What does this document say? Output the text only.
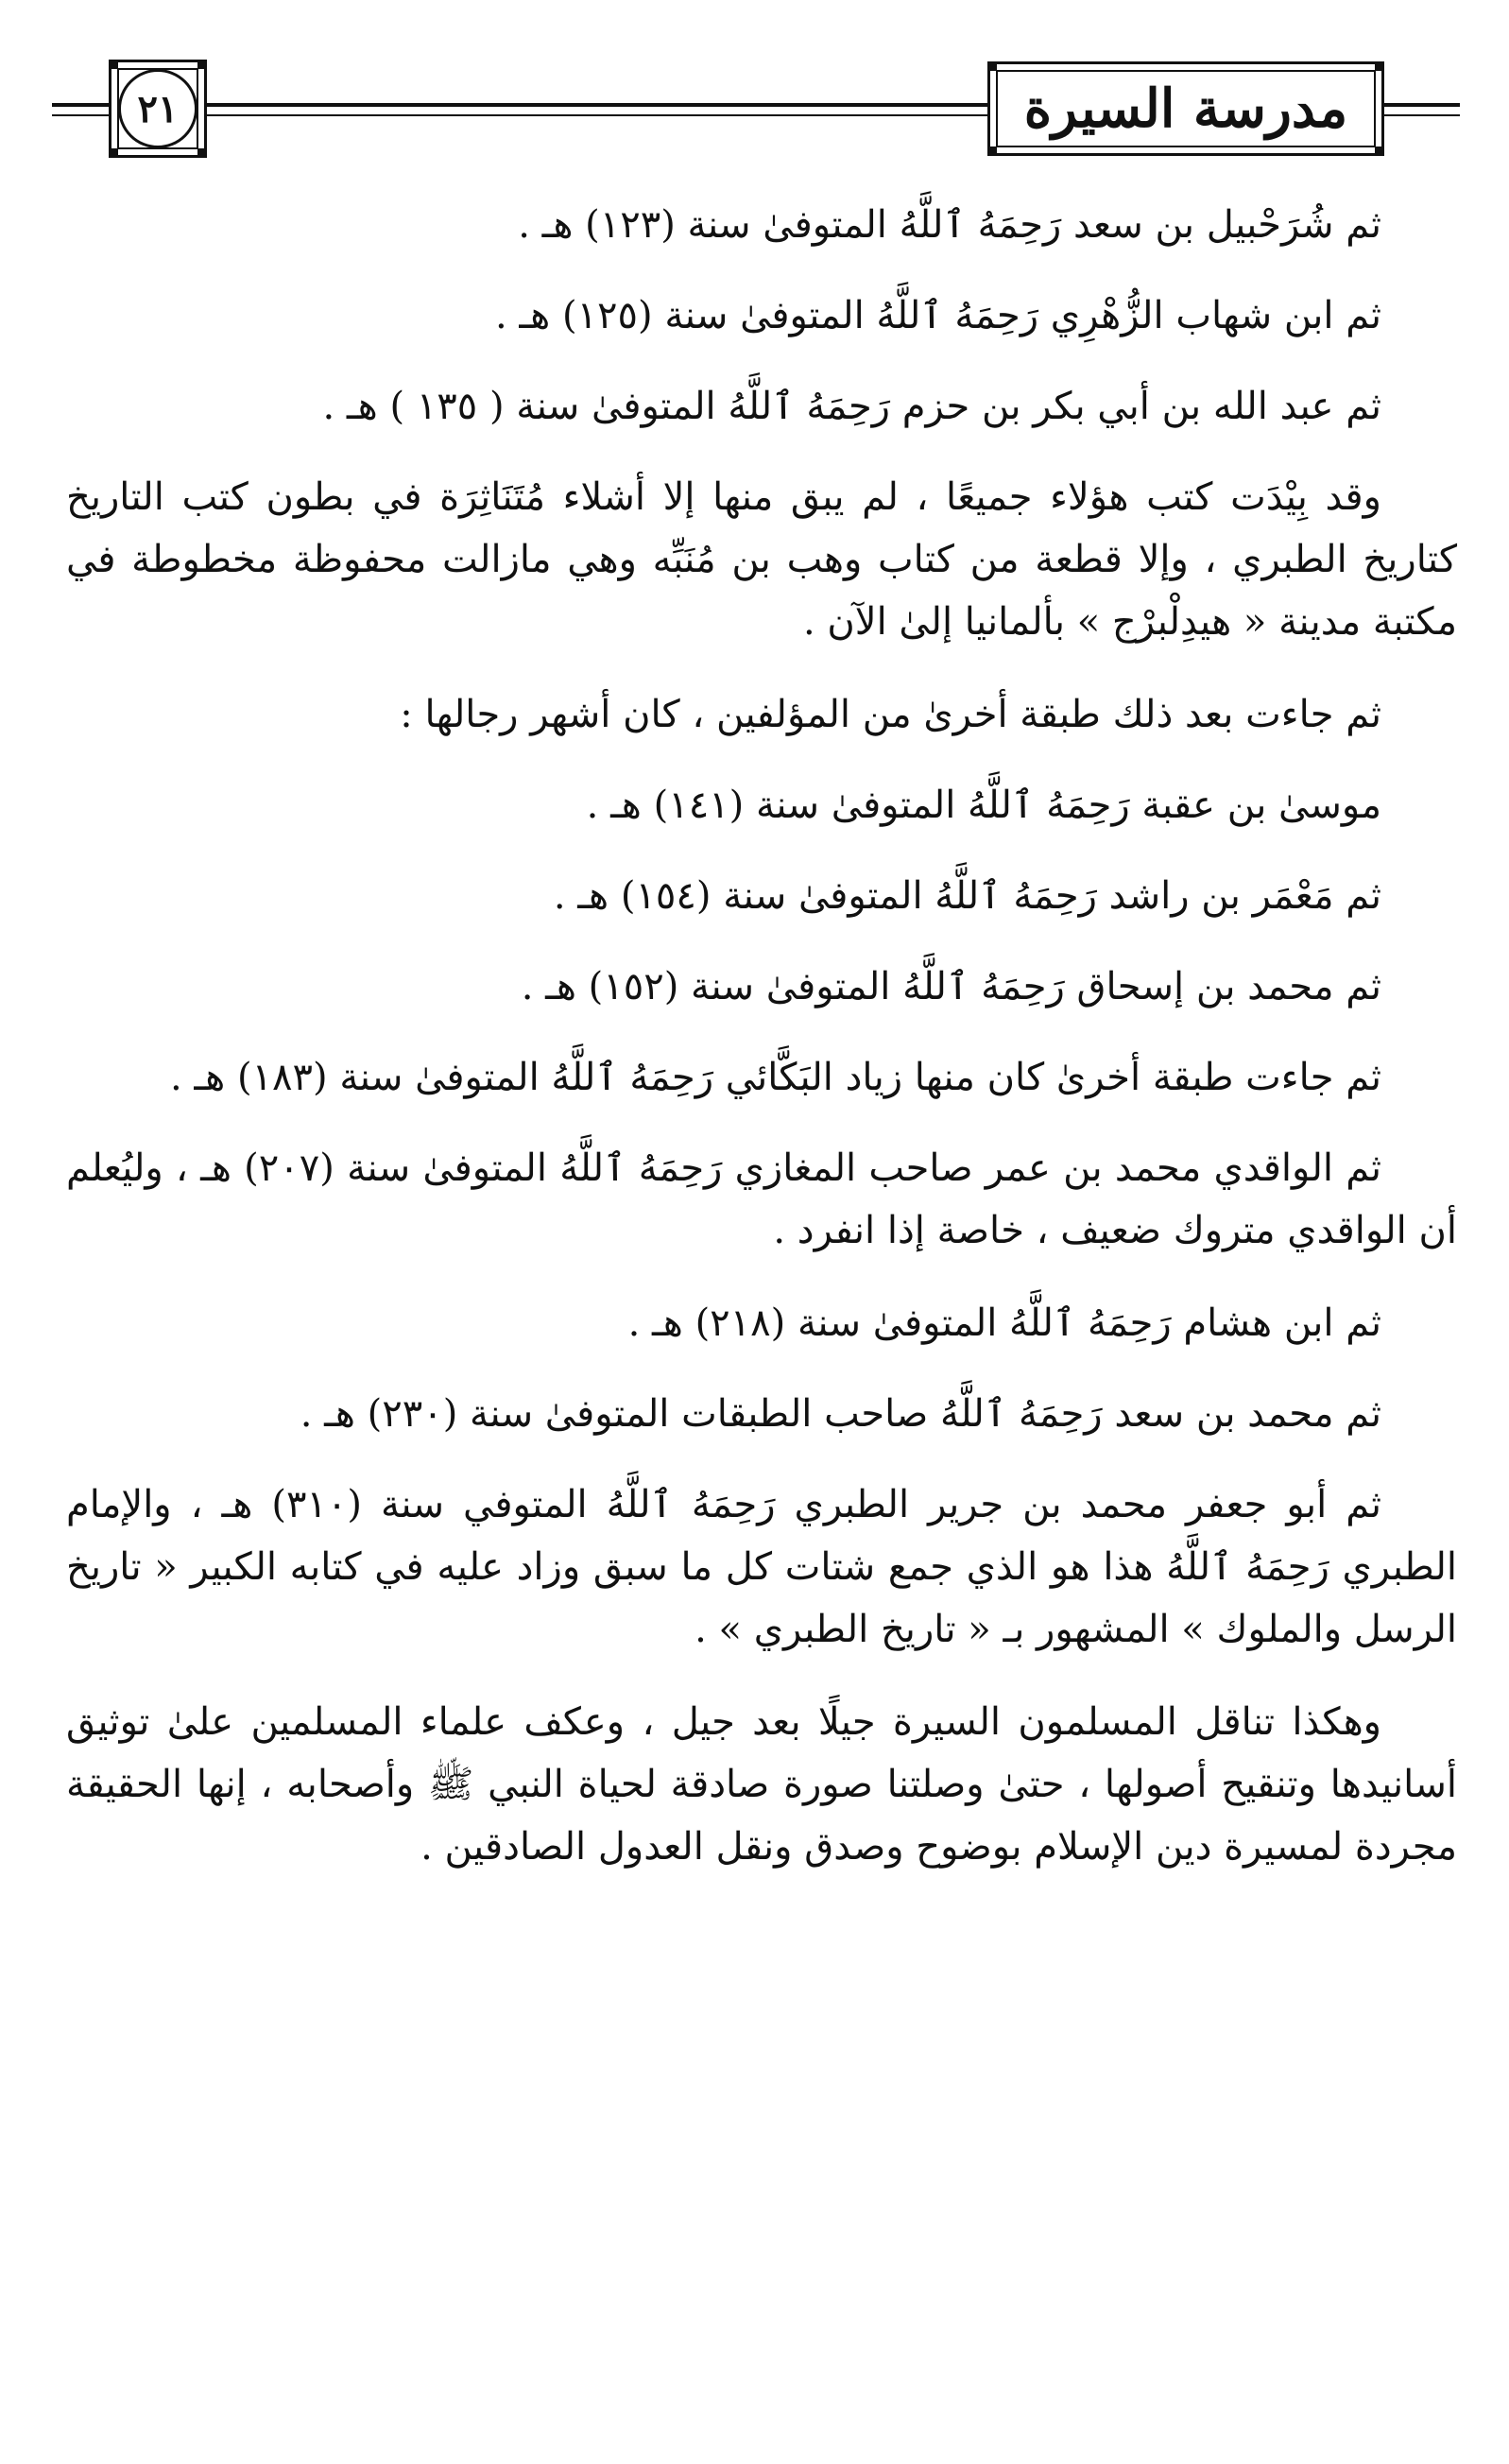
٢١	مدرسة السيرة

ثم شُرَحْبيل بن سعد رَحِمَهُ ٱللَّهُ المتوفىٰ سنة (١٢٣) هـ .

ثم ابن شهاب الزُّهْرِي رَحِمَهُ ٱللَّهُ المتوفىٰ سنة (١٢٥) هـ .

ثم عبد الله بن أبي بكر بن حزم رَحِمَهُ ٱللَّهُ المتوفىٰ سنة ( ١٣٥ ) هـ .

وقد بِيْدَت كتب هؤلاء جميعًا ، لم يبق منها إلا أشلاء مُتَنَاثِرَة في بطون كتب التاريخ كتاريخ الطبري ، وإلا قطعة من كتاب وهب بن مُنَبِّه وهي مازالت محفوظة مخطوطة في مكتبة مدينة « هيدِلْبرْج » بألمانيا إلىٰ الآن .

ثم جاءت بعد ذلك طبقة أخرىٰ من المؤلفين ، كان أشهر رجالها :

موسىٰ بن عقبة رَحِمَهُ ٱللَّهُ المتوفىٰ سنة (١٤١) هـ .

ثم مَعْمَر بن راشد رَحِمَهُ ٱللَّهُ المتوفىٰ سنة (١٥٤) هـ .

ثم محمد بن إسحاق رَحِمَهُ ٱللَّهُ المتوفىٰ سنة (١٥٢) هـ .

ثم جاءت طبقة أخرىٰ كان منها زياد البَكَّائي رَحِمَهُ ٱللَّهُ المتوفىٰ سنة (١٨٣) هـ .

ثم الواقدي محمد بن عمر صاحب المغازي رَحِمَهُ ٱللَّهُ المتوفىٰ سنة (٢٠٧) هـ ، وليُعلم أن الواقدي متروك ضعيف ، خاصة إذا انفرد .

ثم ابن هشام رَحِمَهُ ٱللَّهُ المتوفىٰ سنة (٢١٨) هـ .

ثم محمد بن سعد رَحِمَهُ ٱللَّهُ صاحب الطبقات المتوفىٰ سنة (٢٣٠) هـ .

ثم أبو جعفر محمد بن جرير الطبري رَحِمَهُ ٱللَّهُ المتوفي سنة (٣١٠) هـ ، والإمام الطبري رَحِمَهُ ٱللَّهُ هذا هو الذي جمع شتات كل ما سبق وزاد عليه في كتابه الكبير « تاريخ الرسل والملوك » المشهور بـ « تاريخ الطبري » .

وهكذا تناقل المسلمون السيرة جيلًا بعد جيل ، وعكف علماء المسلمين علىٰ توثيق أسانيدها وتنقيح أصولها ، حتىٰ وصلتنا صورة صادقة لحياة النبي ﷺ وأصحابه ، إنها الحقيقة مجردة لمسيرة دين الإسلام بوضوح وصدق ونقل العدول الصادقين .
